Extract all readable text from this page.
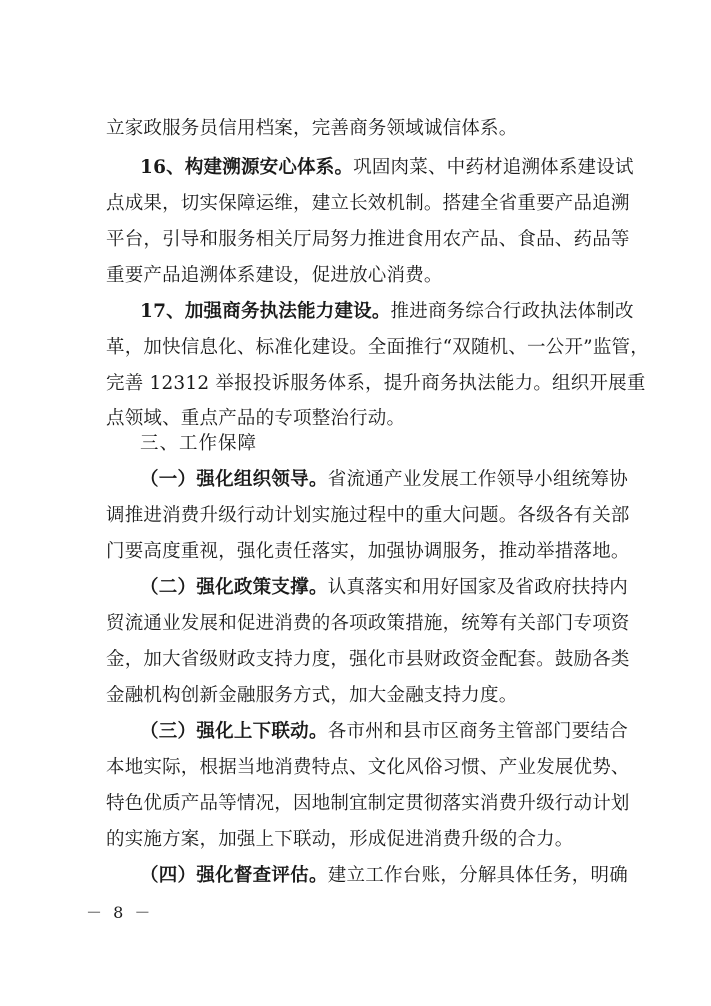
立家政服务员信用档案，完善商务领域诚信体系。
16、构建溯源安心体系。巩固肉菜、中药材追溯体系建设试
点成果，切实保障运维，建立长效机制。搭建全省重要产品追溯
平台，引导和服务相关厅局努力推进食用农产品、食品、药品等
重要产品追溯体系建设，促进放心消费。
17、加强商务执法能力建设。推进商务综合行政执法体制改
革，加快信息化、标准化建设。全面推行“双随机、一公开”监管，
完善 12312 举报投诉服务体系，提升商务执法能力。组织开展重
点领域、重点产品的专项整治行动。
三、工作保障
（一）强化组织领导。省流通产业发展工作领导小组统筹协
调推进消费升级行动计划实施过程中的重大问题。各级各有关部
门要高度重视，强化责任落实，加强协调服务，推动举措落地。
（二）强化政策支撑。认真落实和用好国家及省政府扶持内
贸流通业发展和促进消费的各项政策措施，统筹有关部门专项资
金，加大省级财政支持力度，强化市县财政资金配套。鼓励各类
金融机构创新金融服务方式，加大金融支持力度。
（三）强化上下联动。各市州和县市区商务主管部门要结合
本地实际，根据当地消费特点、文化风俗习惯、产业发展优势、
特色优质产品等情况，因地制宜制定贯彻落实消费升级行动计划
的实施方案，加强上下联动，形成促进消费升级的合力。
（四）强化督查评估。建立工作台账，分解具体任务，明确
－ 8 －
